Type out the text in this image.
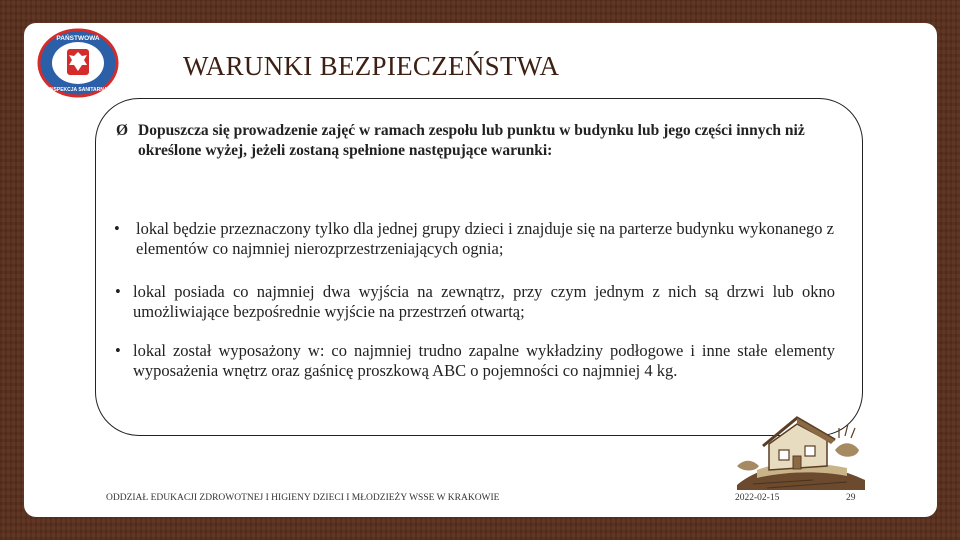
PAŃSTWOWA
INSPEKCJA SANITARNA
WARUNKI BEZPIECZEŃSTWA
Ø Dopuszcza się prowadzenie zajęć w ramach zespołu lub punktu w budynku lub jego części innych niż określone wyżej, jeżeli zostaną spełnione następujące warunki:
• lokal będzie przeznaczony tylko dla jednej grupy dzieci i znajduje się na parterze budynku wykonanego z elementów co najmniej nierozprzestrzeniających ognia;
• lokal posiada co najmniej dwa wyjścia na zewnątrz, przy czym jednym z nich są drzwi lub okno umożliwiające bezpośrednie wyjście na przestrzeń otwartą;
• lokal został wyposażony w: co najmniej trudno zapalne wykładziny podłogowe i inne stałe elementy wyposażenia wnętrz oraz gaśnicę proszkową ABC o pojemności co najmniej 4 kg.
ODDZIAŁ EDUKACJI ZDROWOTNEJ I HIGIENY DZIECI I MŁODZIEŻY WSSE W KRAKOWIE	2022-02-15	29
